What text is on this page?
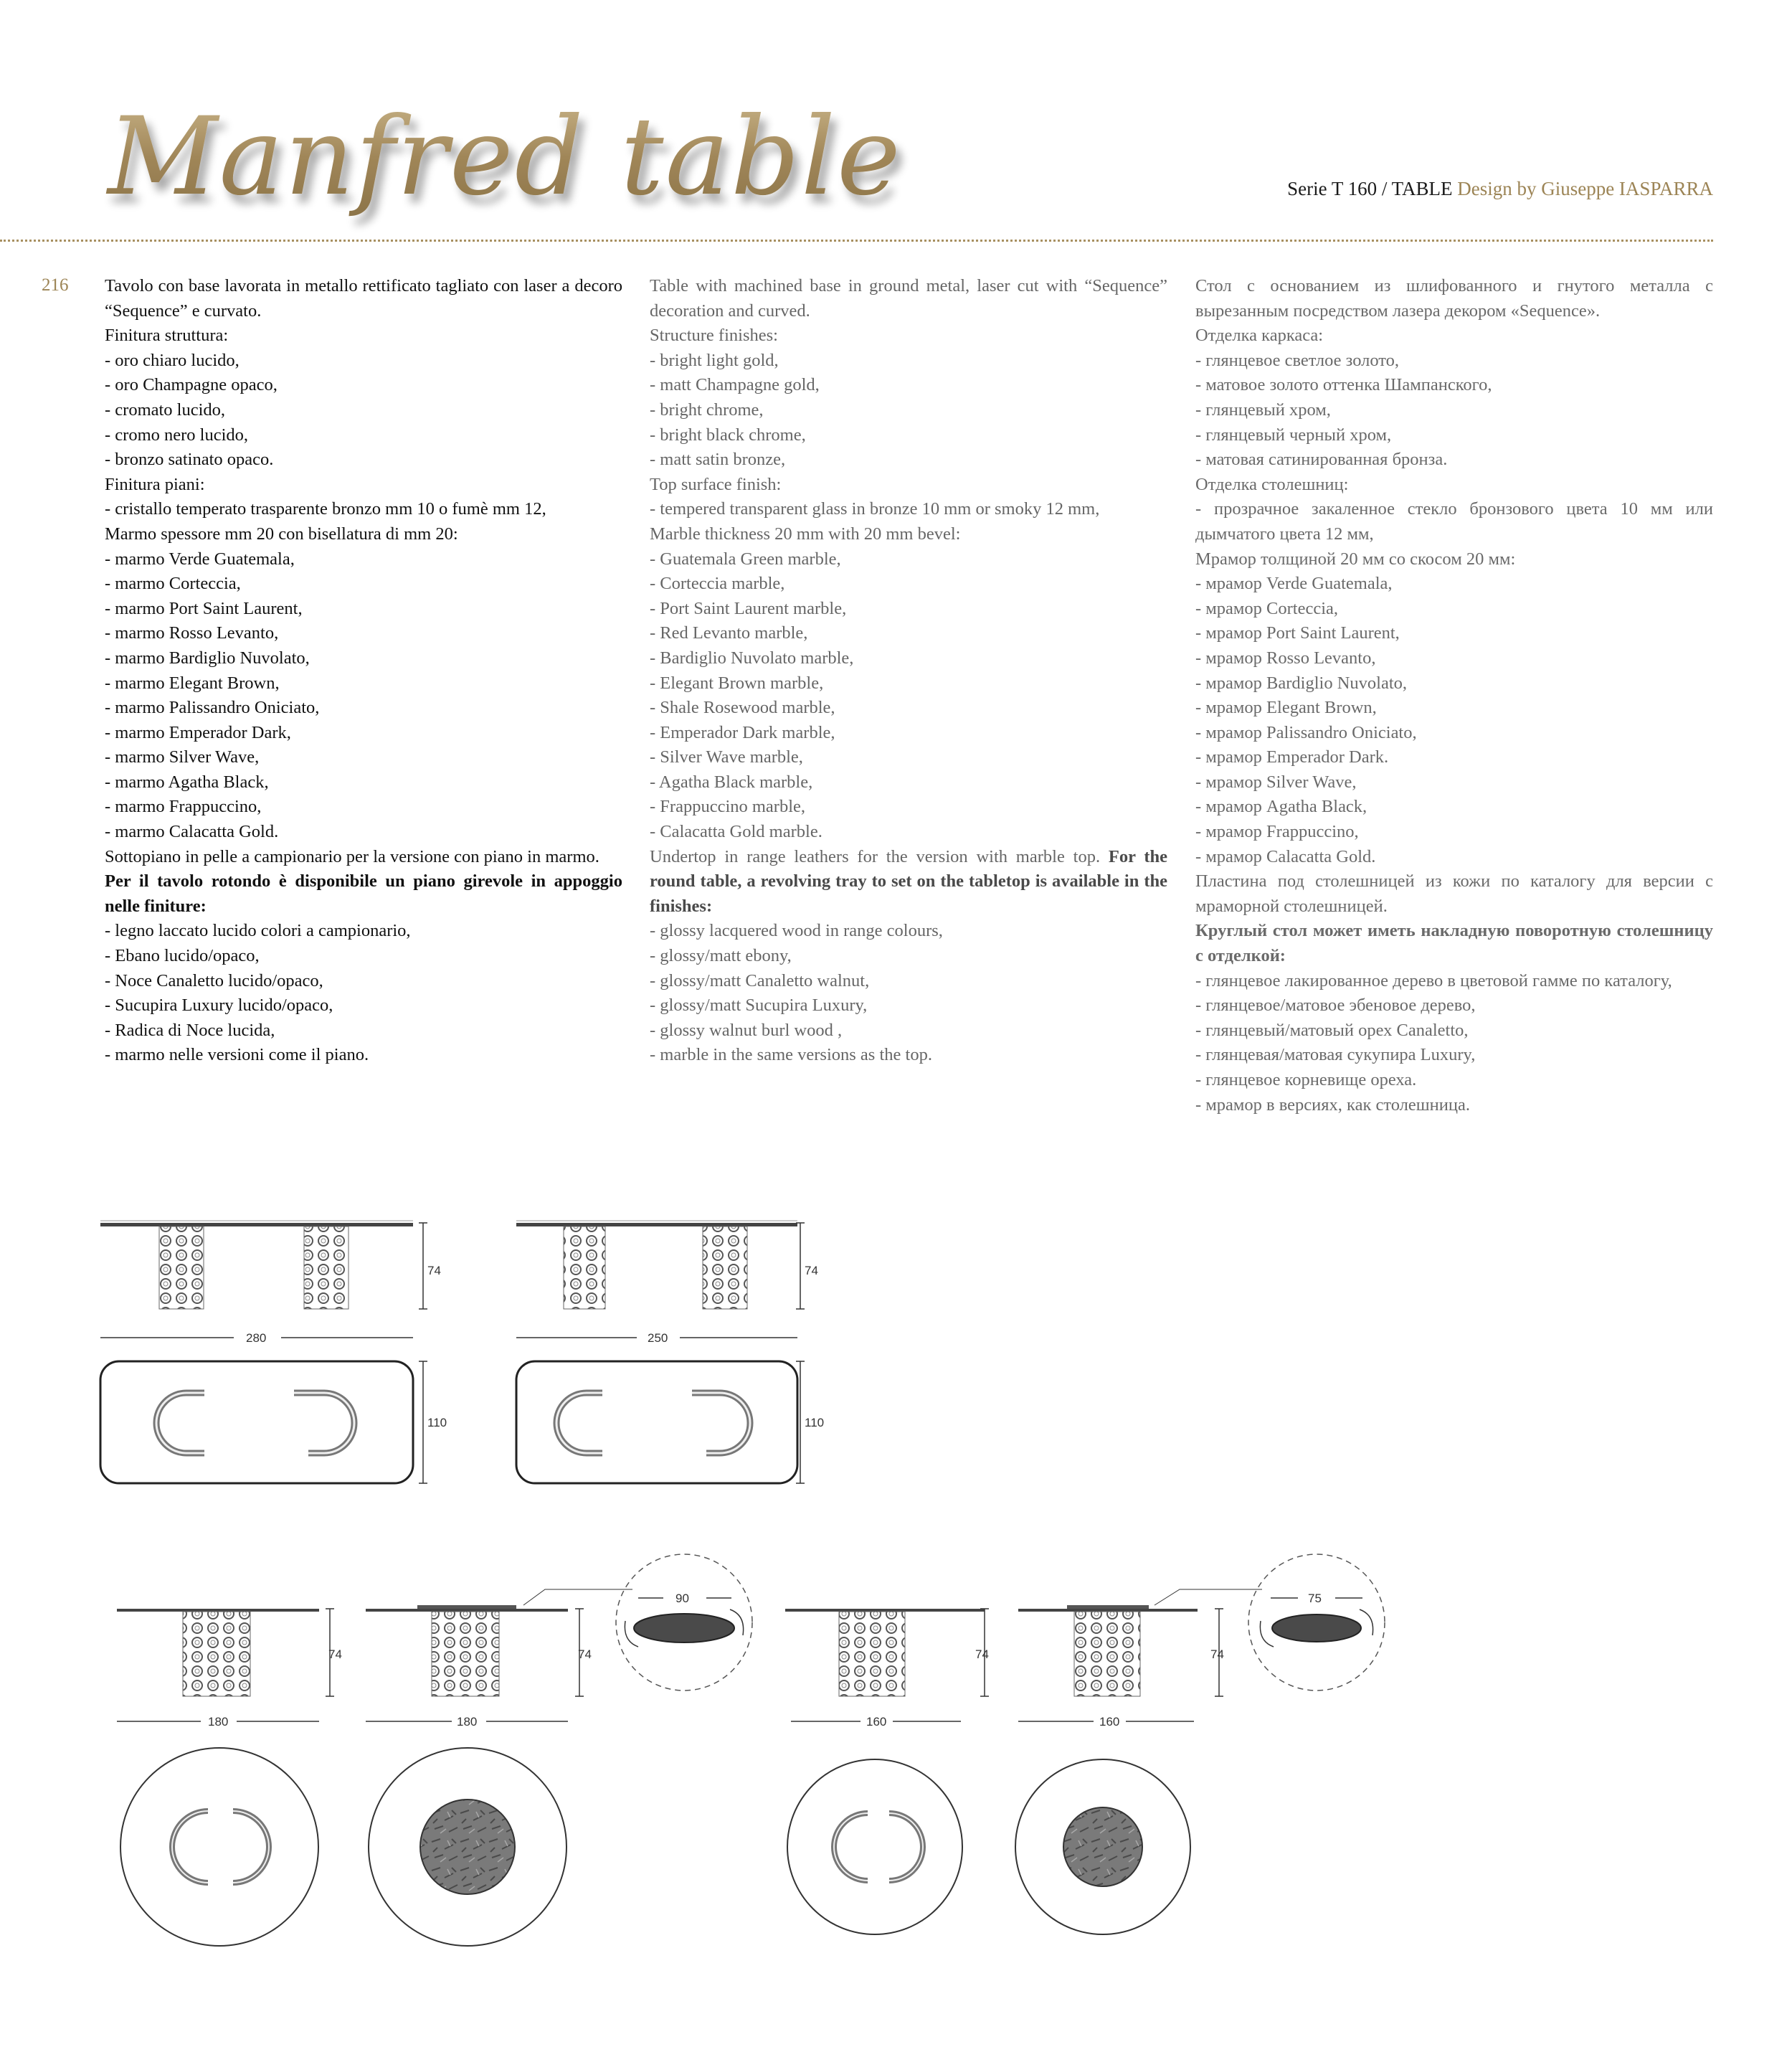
Manfred table	Serie T 160 / TABLE Design by Giuseppe IASPARRA
216 Tavolo con base lavorata in metallo rettificato tagliato con laser a decoro “Sequence” e curvato.

Finitura struttura:

- oro chiaro lucido,

- oro Champagne opaco,

- cromato lucido,

- cromo nero lucido,

- bronzo satinato opaco.

Finitura piani:

- cristallo temperato trasparente bronzo mm 10 o fumè mm 12,

Marmo spessore mm 20 con bisellatura di mm 20:

- marmo Verde Guatemala,

- marmo Corteccia,

- marmo Port Saint Laurent,

- marmo Rosso Levanto,

- marmo Bardiglio Nuvolato,

- marmo Elegant Brown,

- marmo Palissandro Oniciato,

- marmo Emperador Dark,

- marmo Silver Wave,

- marmo Agatha Black,

- marmo Frappuccino,

- marmo Calacatta Gold.

Sottopiano in pelle a campionario per la versione con piano in marmo.

Per il tavolo rotondo è disponibile un piano girevole in appoggio nelle finiture:

- legno laccato lucido colori a campionario,

- Ebano lucido/opaco,

- Noce Canaletto lucido/opaco,

- Sucupira Luxury lucido/opaco,

- Radica di Noce lucida,

- marmo nelle versioni come il piano.

Table with machined base in ground metal, laser cut with “Sequence” decoration and curved.

Structure finishes:

- bright light gold,

- matt Champagne gold,

- bright chrome,

- bright black chrome,

- matt satin bronze,

Top surface finish:

- tempered transparent glass in bronze 10 mm or smoky 12 mm,

Marble thickness 20 mm with 20 mm bevel:

- Guatemala Green marble,

- Corteccia marble,

- Port Saint Laurent marble,

- Red Levanto marble,

- Bardiglio Nuvolato marble,

- Elegant Brown marble,

- Shale Rosewood marble,

- Emperador Dark marble,

- Silver Wave marble,

- Agatha Black marble,

- Frappuccino marble,

- Calacatta Gold marble.

Undertop in range leathers for the version with marble top. For the round table, a revolving tray to set on the tabletop is available in the finishes:

- glossy lacquered wood in range colours,

- glossy/matt ebony,

- glossy/matt Canaletto walnut,

- glossy/matt Sucupira Luxury,

- glossy walnut burl wood ,

- marble in the same versions as the top.

Стол с основанием из шлифованного и гнутого металла с вырезанным посредством лазера декором «Sequence».

Отделка каркаса:

- глянцевое светлое золото,

- матовое золото оттенка Шампанского,

- глянцевый хром,

- глянцевый черный хром,

- матовая сатинированная бронза.

Отделка столешниц:

- прозрачное закаленное стекло бронзового цвета 10 мм или дымчатого цвета 12 мм,

Мрамор толщиной 20 мм со скосом 20 мм:

- мрамор Verde Guatemala,

- мрамор Corteccia,

- мрамор Port Saint Laurent,

- мрамор Rosso Levanto,

- мрамор Bardiglio Nuvolato,

- мрамор Elegant Brown,

- мрамор Palissandro Oniciato,

- мрамор Emperador Dark.

- мрамор Silver Wave,

- мрамор Agatha Black,

- мрамор Frappuccino,

- мрамор Calacatta Gold.

Пластина под столешницей из кожи по каталогу для версии с мраморной столешницей.

Круглый стол может иметь накладную поворотную столешницу с отделкой:

- глянцевое лакированное дерево в цветовой гамме по каталогу,

- глянцевое/матовое эбеновое дерево,

- глянцевый/матовый орех Canaletto,

- глянцевая/матовая сукупира Luxury,

- глянцевое корневище ореха.

- мрамор в версиях, как столешница.

74
280
110
74
250
110
74
180
74
180
90
74
160
74
160
75
